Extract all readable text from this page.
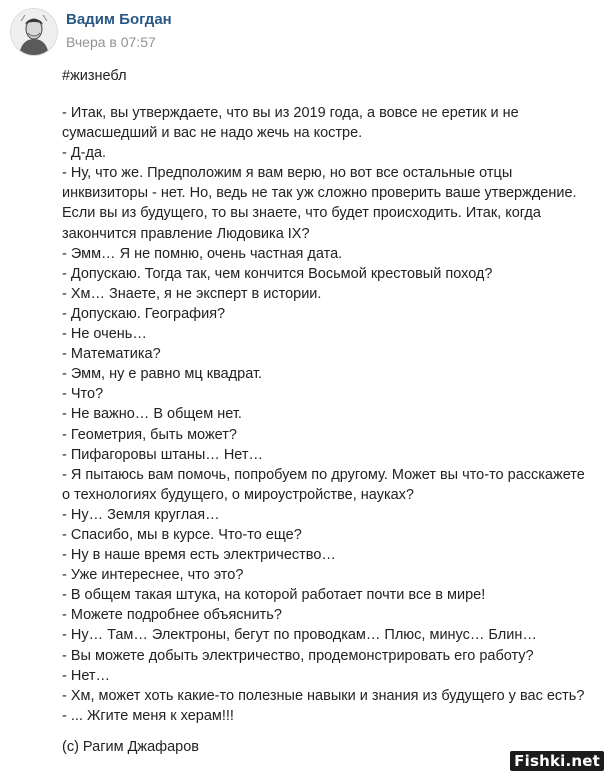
Вадим Богдан
Вчера в 07:57
#жизнебл
- Итак, вы утверждаете, что вы из 2019 года, а вовсе не еретик и не
сумасшедший и вас не надо жечь на костре.
- Д-да.
- Ну, что же. Предположим я вам верю, но вот все остальные отцы
инквизиторы - нет. Но, ведь не так уж сложно проверить ваше утверждение.
Если вы из будущего, то вы знаете, что будет происходить. Итак, когда
закончится правление Людовика IX?
- Эмм… Я не помню, очень частная дата.
- Допускаю. Тогда так, чем кончится Восьмой крестовый поход?
- Хм… Знаете, я не эксперт в истории.
- Допускаю. География?
- Не очень…
- Математика?
- Эмм, ну е равно мц квадрат.
- Что?
- Не важно… В общем нет.
- Геометрия, быть может?
- Пифагоровы штаны… Нет…
- Я пытаюсь вам помочь, попробуем по другому. Может вы что-то расскажете
о технологиях будущего, о мироустройстве, науках?
- Ну… Земля круглая…
- Спасибо, мы в курсе. Что-то еще?
- Ну в наше время есть электричество…
- Уже интереснее, что это?
- В общем такая штука, на которой работает почти все в мире!
- Можете подробнее объяснить?
- Ну… Там… Электроны, бегут по проводкам… Плюс, минус… Блин…
- Вы можете добыть электричество, продемонстрировать его работу?
- Нет…
- Хм, может хоть какие-то полезные навыки и знания из будущего у вас есть?
- ... Жгите меня к херам!!!
(с) Рагим Джафаров
Fishki.net
